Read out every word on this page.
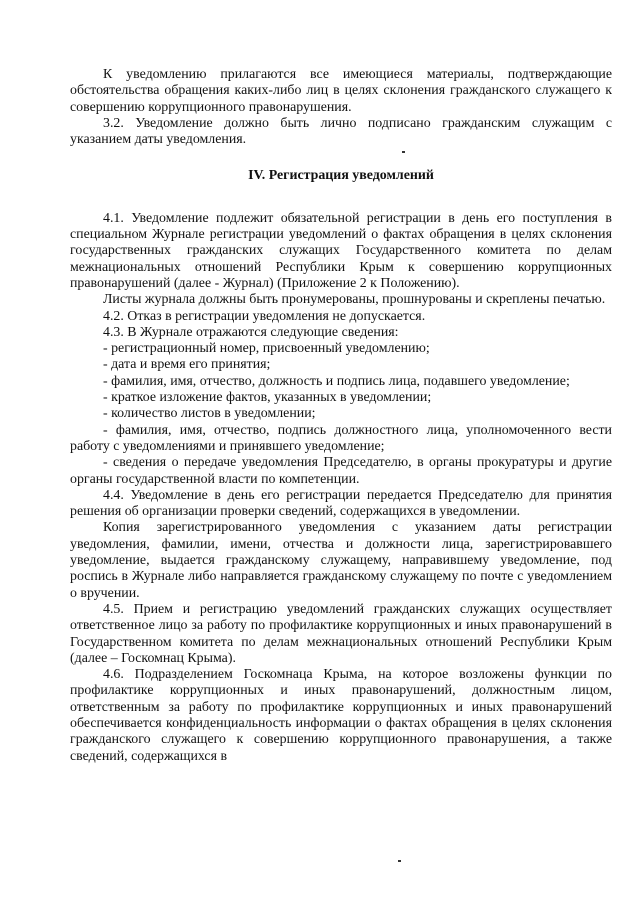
К уведомлению прилагаются все имеющиеся материалы, подтверждающие обстоятельства обращения каких-либо лиц в целях склонения гражданского служащего к совершению коррупционного правонарушения.

3.2. Уведомление должно быть лично подписано гражданским служащим с указанием даты уведомления.

IV. Регистрация уведомлений

4.1. Уведомление подлежит обязательной регистрации в день его поступления в специальном Журнале регистрации уведомлений о фактах обращения в целях склонения государственных гражданских служащих Государственного комитета по делам межнациональных отношений Республики Крым к совершению коррупционных правонарушений (далее - Журнал) (Приложение 2 к Положению).

Листы журнала должны быть пронумерованы, прошнурованы и скреплены печатью.

4.2. Отказ в регистрации уведомления не допускается.

4.3. В Журнале отражаются следующие сведения:

- регистрационный номер, присвоенный уведомлению;

- дата и время его принятия;

- фамилия, имя, отчество, должность и подпись лица, подавшего уведомление;

- краткое изложение фактов, указанных в уведомлении;

- количество листов в уведомлении;

- фамилия, имя, отчество, подпись должностного лица, уполномоченного вести работу с уведомлениями и принявшего уведомление;

- сведения о передаче уведомления Председателю, в органы прокуратуры и другие органы государственной власти по компетенции.

4.4. Уведомление в день его регистрации передается Председателю для принятия решения об организации проверки сведений, содержащихся в уведомлении.

Копия зарегистрированного уведомления с указанием даты регистрации уведомления, фамилии, имени, отчества и должности лица, зарегистрировавшего уведомление, выдается гражданскому служащему, направившему уведомление, под роспись в Журнале либо направляется гражданскому служащему по почте с уведомлением о вручении.

4.5. Прием и регистрацию уведомлений гражданских служащих осуществляет ответственное лицо за работу по профилактике коррупционных и иных правонарушений в Государственном комитета по делам межнациональных отношений Республики Крым (далее – Госкомнац Крыма).

4.6. Подразделением Госкомнаца Крыма, на которое возложены функции по профилактике коррупционных и иных правонарушений, должностным лицом, ответственным за работу по профилактике коррупционных и иных правонарушений обеспечивается конфиденциальность информации о фактах обращения в целях склонения гражданского служащего к совершению коррупционного правонарушения, а также сведений, содержащихся в
